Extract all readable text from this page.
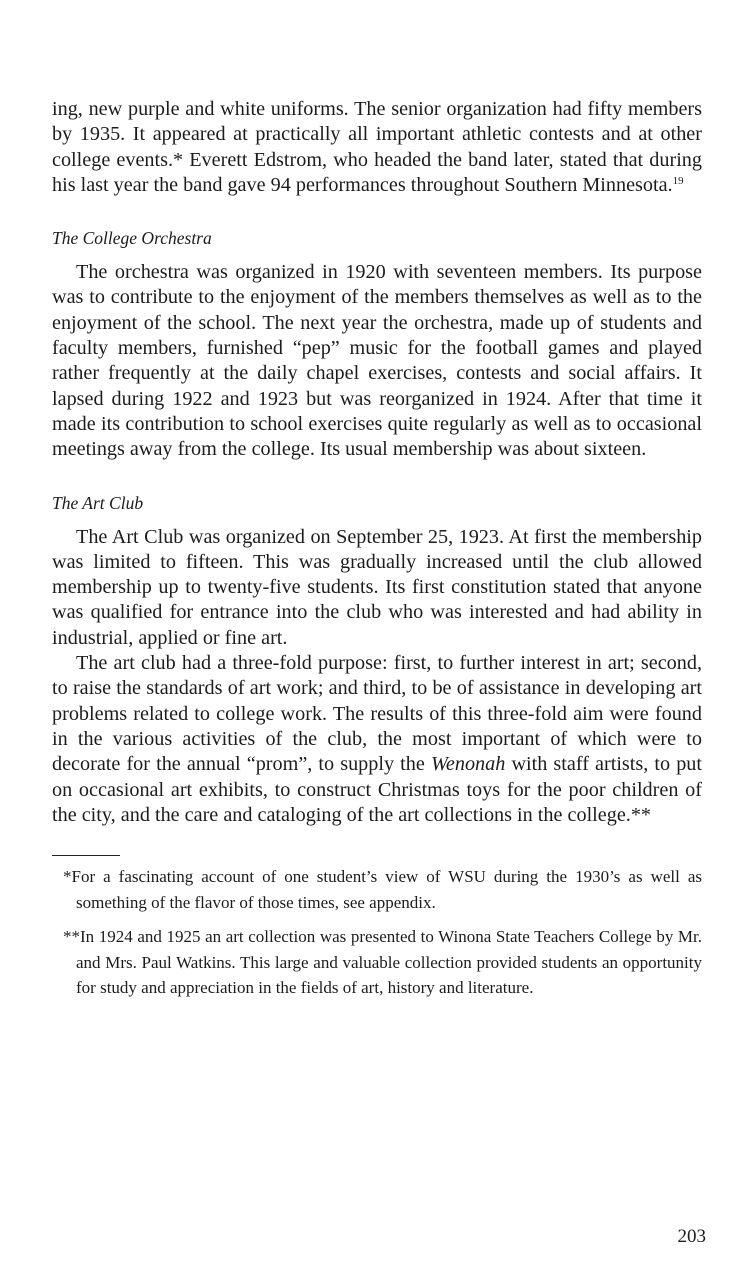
ing, new purple and white uniforms. The senior organization had fifty members by 1935. It appeared at practically all important athletic contests and at other college events.* Everett Edstrom, who headed the band later, stated that during his last year the band gave 94 performances throughout Southern Minnesota.$^{19}$

The College Orchestra

The orchestra was organized in 1920 with seventeen members. Its purpose was to contribute to the enjoyment of the members themselves as well as to the enjoyment of the school. The next year the orchestra, made up of students and faculty members, furnished “pep” music for the football games and played rather frequently at the daily chapel exercises, contests and social affairs. It lapsed during 1922 and 1923 but was reorganized in 1924. After that time it made its contribution to school exercises quite regularly as well as to occasional meetings away from the college. Its usual membership was about sixteen.

The Art Club

The Art Club was organized on September 25, 1923. At first the membership was limited to fifteen. This was gradually increased until the club allowed membership up to twenty-five students. Its first constitution stated that anyone was qualified for entrance into the club who was interested and had ability in industrial, applied or fine art.

The art club had a three-fold purpose: first, to further interest in art; second, to raise the standards of art work; and third, to be of assistance in developing art problems related to college work. The results of this three-fold aim were found in the various activities of the club, the most important of which were to decorate for the annual “prom”, to supply the Wenonah with staff artists, to put on occasional art exhibits, to construct Christmas toys for the poor children of the city, and the care and cataloging of the art collections in the college.**

*For a fascinating account of one student’s view of WSU during the 1930’s as well as something of the flavor of those times, see appendix.

**In 1924 and 1925 an art collection was presented to Winona State Teachers College by Mr. and Mrs. Paul Watkins. This large and valuable collection provided students an opportunity for study and appreciation in the fields of art, history and literature.

203
